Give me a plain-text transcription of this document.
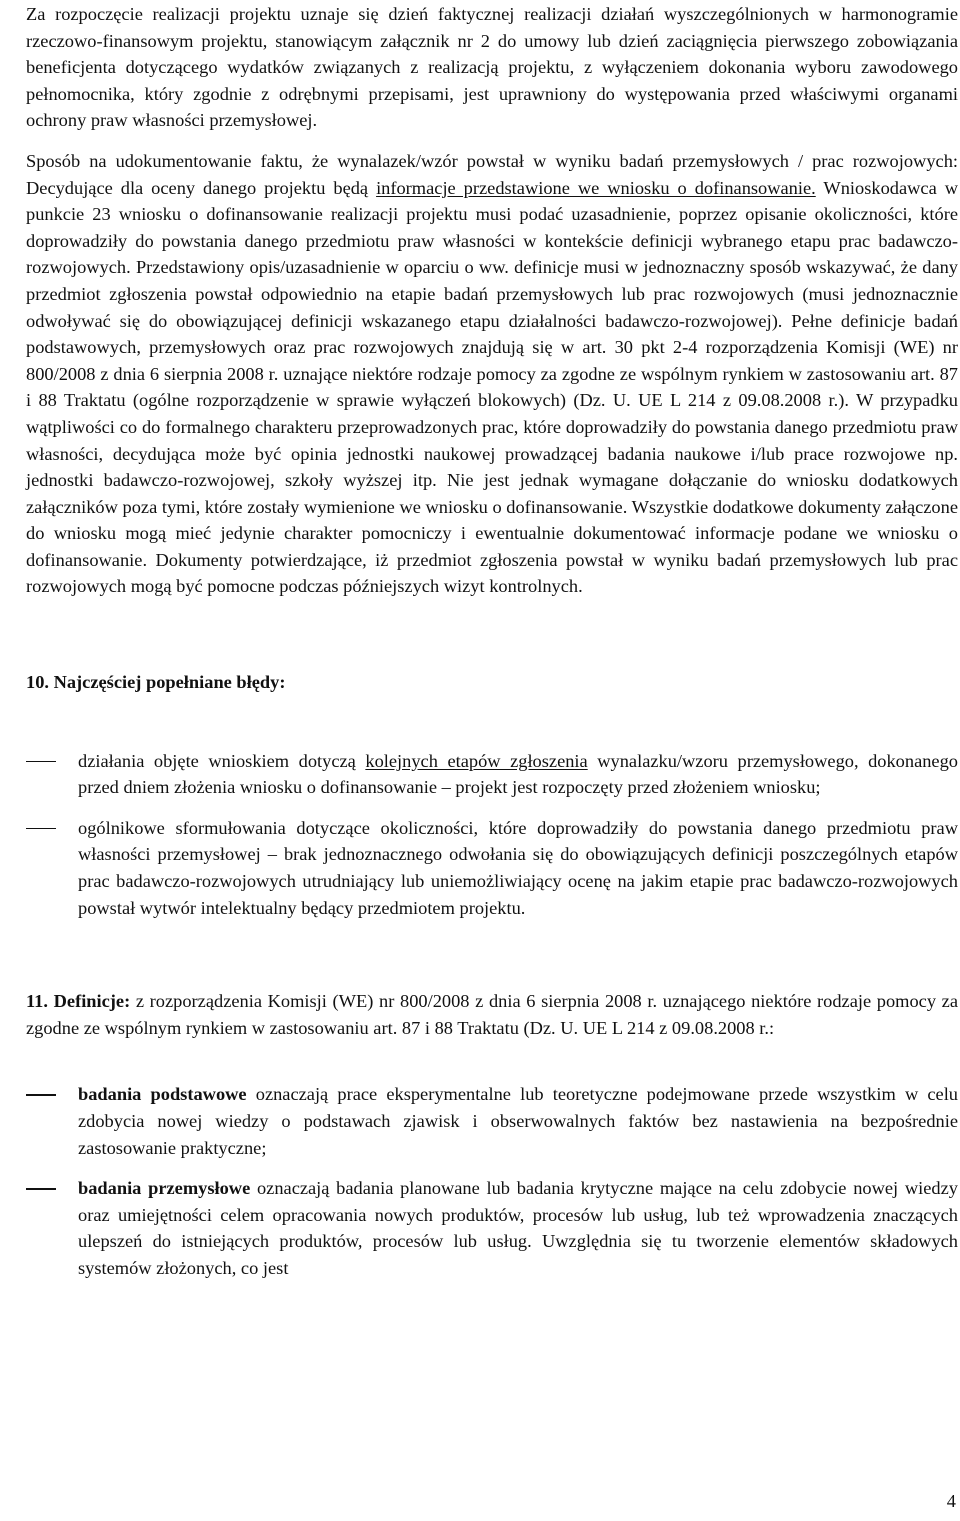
Za rozpoczęcie realizacji projektu uznaje się dzień faktycznej realizacji działań wyszczególnionych w harmonogramie rzeczowo-finansowym projektu, stanowiącym załącznik nr 2 do umowy lub dzień zaciągnięcia pierwszego zobowiązania beneficjenta dotyczącego wydatków związanych z realizacją projektu, z wyłączeniem dokonania wyboru zawodowego pełnomocnika, który zgodnie z odrębnymi przepisami, jest uprawniony do występowania przed właściwymi organami ochrony praw własności przemysłowej.

Sposób na udokumentowanie faktu, że wynalazek/wzór powstał w wyniku badań przemysłowych / prac rozwojowych: Decydujące dla oceny danego projektu będą informacje przedstawione we wniosku o dofinansowanie. Wnioskodawca w punkcie 23 wniosku o dofinansowanie realizacji projektu musi podać uzasadnienie, poprzez opisanie okoliczności, które doprowadziły do powstania danego przedmiotu praw własności w kontekście definicji wybranego etapu prac badawczo-rozwojowych. Przedstawiony opis/uzasadnienie w oparciu o ww. definicje musi w jednoznaczny sposób wskazywać, że dany przedmiot zgłoszenia powstał odpowiednio na etapie badań przemysłowych lub prac rozwojowych (musi jednoznacznie odwoływać się do obowiązującej definicji wskazanego etapu działalności badawczo-rozwojowej). Pełne definicje badań podstawowych, przemysłowych oraz prac rozwojowych znajdują się w art. 30 pkt 2-4 rozporządzenia Komisji (WE) nr 800/2008 z dnia 6 sierpnia 2008 r. uznające niektóre rodzaje pomocy za zgodne ze wspólnym rynkiem w zastosowaniu art. 87 i 88 Traktatu (ogólne rozporządzenie w sprawie wyłączeń blokowych) (Dz. U. UE L 214 z 09.08.2008 r.). W przypadku wątpliwości co do formalnego charakteru przeprowadzonych prac, które doprowadziły do powstania danego przedmiotu praw własności, decydująca może być opinia jednostki naukowej prowadzącej badania naukowe i/lub prace rozwojowe np. jednostki badawczo-rozwojowej, szkoły wyższej itp. Nie jest jednak wymagane dołączanie do wniosku dodatkowych załączników poza tymi, które zostały wymienione we wniosku o dofinansowanie. Wszystkie dodatkowe dokumenty załączone do wniosku mogą mieć jedynie charakter pomocniczy i ewentualnie dokumentować informacje podane we wniosku o dofinansowanie. Dokumenty potwierdzające, iż przedmiot zgłoszenia powstał w wyniku badań przemysłowych lub prac rozwojowych mogą być pomocne podczas późniejszych wizyt kontrolnych.

10. Najczęściej popełniane błędy:

działania objęte wnioskiem dotyczą kolejnych etapów zgłoszenia wynalazku/wzoru przemysłowego, dokonanego przed dniem złożenia wniosku o dofinansowanie – projekt jest rozpoczęty przed złożeniem wniosku;
ogólnikowe sformułowania dotyczące okoliczności, które doprowadziły do powstania danego przedmiotu praw własności przemysłowej – brak jednoznacznego odwołania się do obowiązujących definicji poszczególnych etapów prac badawczo-rozwojowych utrudniający lub uniemożliwiający ocenę na jakim etapie prac badawczo-rozwojowych powstał wytwór intelektualny będący przedmiotem projektu.

11. Definicje: z rozporządzenia Komisji (WE) nr 800/2008 z dnia 6 sierpnia 2008 r. uznającego niektóre rodzaje pomocy za zgodne ze wspólnym rynkiem w zastosowaniu art. 87 i 88 Traktatu (Dz. U. UE L 214 z 09.08.2008 r.:

badania podstawowe oznaczają prace eksperymentalne lub teoretyczne podejmowane przede wszystkim w celu zdobycia nowej wiedzy o podstawach zjawisk i obserwowalnych faktów bez nastawienia na bezpośrednie zastosowanie praktyczne;
badania przemysłowe oznaczają badania planowane lub badania krytyczne mające na celu zdobycie nowej wiedzy oraz umiejętności celem opracowania nowych produktów, procesów lub usług, lub też wprowadzenia znaczących ulepszeń do istniejących produktów, procesów lub usług. Uwzględnia się tu tworzenie elementów składowych systemów złożonych, co jest
4
